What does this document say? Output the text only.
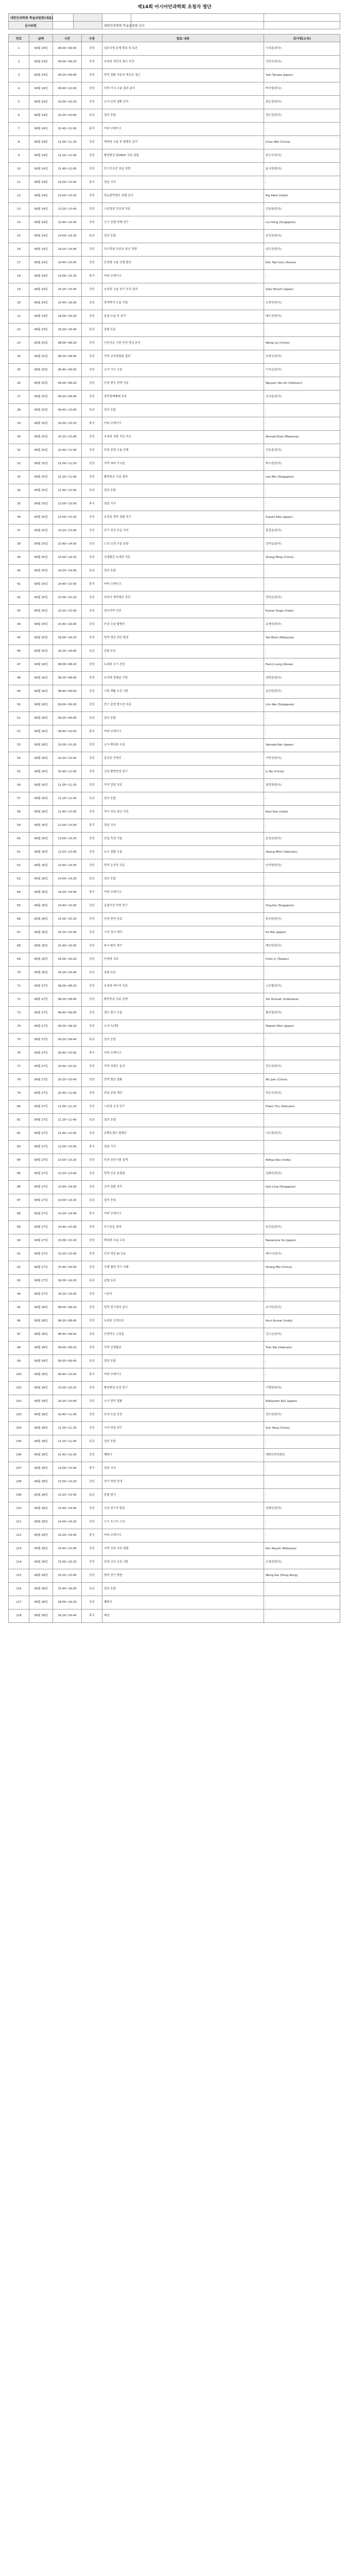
제14회 아시아안과학회 초청자 명단
대한안과학회 학술위원회(대표)					
심사위원			대한안과학회 학술위원회 심사		
번호	날짜	시간	구분	발표 내용	강사명(소속)
1	09월 24일	08:00~09:00	강의	심포지엄 주제 발표 및 토론	이상훈(한국)
2	09월 24일	09:00~09:20	강의	녹내장 진단의 최신 지견	김민수(한국)
3	09월 24일	09:20~09:40	강의	망막 질환 치료의 새로운 접근	Yuki Tanaka (Japan)
4	09월 24일	09:40~10:00	강의	각막 이식 수술 결과 분석	박지영(한국)
5	09월 24일	10:00~10:20	강의	소아 안과 질환 관리	최은정(한국)
6	09월 24일	10:20~10:40	토론	질의 응답	정우성(한국)
7	09월 24일	10:40~11:00	휴식	커피 브레이크	-
8	09월 24일	11:00~11:20	강의	백내장 수술 후 합병증 관리	Chen Wei (China)
9	09월 24일	11:20~11:40	강의	황반변성 항VEGF 치료 경험	한승우(한국)
10	09월 24일	11:40~12:00	강의	안구건조증 치료 전략	윤서연(한국)
11	09월 24일	12:00~13:00	휴식	점심 식사	-
12	09월 24일	13:00~13:20	강의	당뇨망막병증 선별 검사	Raj Patel (India)
13	09월 24일	13:20~13:40	강의	시신경염 진단과 치료	강동원(한국)
14	09월 24일	13:40~14:00	강의	근시 진행 억제 연구	Liu Hong (Singapore)
15	09월 24일	14:00~14:20	토론	질의 응답	송민호(한국)
16	09월 24일	14:20~14:40	강의	포도막염 치료의 최신 경향	임수진(한국)
17	09월 24일	14:40~15:00	강의	안성형 수술 증례 발표	Kim Tae-hoon (Korea)
18	09월 24일	15:00~15:20	휴식	커피 브레이크	-
19	09월 24일	15:20~15:40	강의	녹내장 수술 장기 추적 결과	Sato Hiroshi (Japan)
20	09월 24일	15:40~16:00	강의	망막박리 수술 기법	오현석(한국)
21	09월 24일	16:00~16:20	강의	굴절 수술 후 관리	배수지(한국)
22	09월 24일	16:20~16:40	토론	종합 토론	-
23	09월 25일	08:00~08:20	강의	인공지능 기반 안저 영상 분석	Wang Lei (China)
24	09월 25일	08:20~08:40	강의	각막 교차결합술 결과	조현우(한국)
25	09월 25일	08:40~09:00	강의	소아 사시 수술	이지은(한국)
26	09월 25일	09:00~09:20	강의	안내 렌즈 선택 기준	Nguyen Van An (Vietnam)
27	09월 25일	09:20~09:40	강의	망막정맥폐쇄 치료	김서준(한국)
28	09월 25일	09:40~10:00	토론	질의 응답	-
29	09월 25일	10:00~10:20	휴식	커피 브레이크	-
30	09월 25일	10:20~10:40	강의	녹내장 약물 치료 비교	Ahmad Rizal (Malaysia)
31	09월 25일	10:40~11:00	강의	안와 종양 수술 증례	신동훈(한국)
32	09월 25일	11:00~11:20	강의	각막 내피 이식술	박소연(한국)
33	09월 25일	11:20~11:40	강의	황반원공 수술 결과	Lee Min (Singapore)
34	09월 25일	11:40~12:00	토론	질의 응답	-
35	09월 25일	12:00~13:00	휴식	점심 식사	-
36	09월 25일	13:00~13:20	강의	유전성 망막 질환 연구	Suzuki Aiko (Japan)
37	09월 25일	13:20~13:40	강의	안구 외상 응급 처치	홍길동(한국)
38	09월 25일	13:40~14:00	강의	노안 교정 수술 동향	김하늘(한국)
39	09월 25일	14:00~14:20	강의	신생혈관 녹내장 치료	Zhang Ming (China)
40	09월 25일	14:20~14:40	토론	질의 응답	-
41	09월 25일	14:40~15:00	휴식	커피 브레이크	-
42	09월 25일	15:00~15:20	강의	미숙아 망막병증 관리	정하은(한국)
43	09월 25일	15:20~15:40	강의	원추각막 진단	Kumar Singh (India)
44	09월 25일	15:40~16:00	강의	안검 수술 합병증	유재석(한국)
45	09월 25일	16:00~16:20	강의	망막 영상 진단 발전	Tan Boon (Malaysia)
46	09월 25일	16:20~16:40	토론	종합 토론	-
47	09월 26일	08:00~08:20	강의	녹내장 조기 진단	Park Ji-sung (Korea)
48	09월 26일	08:20~08:40	강의	유리체 절제술 기법	권혁준(한국)
49	09월 26일	08:40~09:00	강의	시력 재활 프로그램	남궁민(한국)
50	09월 26일	09:00~09:20	강의	안구 종양 방사선 치료	Lim Wei (Singapore)
51	09월 26일	09:20~09:40	토론	질의 응답	-
52	09월 26일	09:40~10:00	휴식	커피 브레이크	-
53	09월 26일	10:00~10:20	강의	소아 백내장 수술	Yamada Ken (Japan)
54	09월 26일	10:20~10:40	강의	갑상선 안병증	서민지(한국)
55	09월 26일	10:40~11:00	강의	건성 황반변성 연구	Li Na (China)
56	09월 26일	11:00~11:20	강의	각막 감염 치료	장민혁(한국)
57	09월 26일	11:20~11:40	토론	질의 응답	-
58	09월 26일	11:40~12:00	강의	약시 치료 최신 지견	Ravi Das (India)
59	09월 26일	12:00~13:00	휴식	점심 식사	-
60	09월 26일	13:00~13:20	강의	안압 측정 기술	문성호(한국)
61	09월 26일	13:20~13:40	강의	누도 질환 수술	Hoang Minh (Vietnam)
62	09월 26일	13:40~14:00	강의	망막 유전자 치료	안지현(한국)
63	09월 26일	14:00~14:20	토론	질의 응답	-
64	09월 26일	14:20~14:40	휴식	커피 브레이크	-
65	09월 26일	14:40~15:00	강의	굴절이상 역학 연구	Ong Kai (Singapore)
66	09월 26일	15:00~15:20	강의	안과 원격 진료	류승완(한국)
67	09월 26일	15:20~15:40	강의	시야 검사 해석	Ito Mai (Japan)
68	09월 26일	15:40~16:00	강의	복시 환자 평가	백승민(한국)
69	09월 26일	16:00~16:20	강의	안내염 치료	Chen Li (Taiwan)
70	09월 26일	16:20~16:40	토론	종합 토론	-
71	09월 27일	08:00~08:20	강의	녹내장 레이저 치료	고은별(한국)
72	09월 27일	08:20~08:40	강의	황반부종 치료 전략	Siti Aminah (Indonesia)
73	09월 27일	08:40~09:00	강의	렌즈 탈구 수술	황보영(한국)
74	09월 27일	09:00~09:20	강의	소아 녹내장	Takeshi Mori (Japan)
75	09월 27일	09:20~09:40	토론	질의 응답	-
76	09월 27일	09:40~10:00	휴식	커피 브레이크	-
77	09월 27일	10:00~10:20	강의	각막 지형도 분석	전우치(한국)
78	09월 27일	10:20~10:40	강의	망막 혈관 질환	Wu Jian (China)
79	09월 27일	10:40~11:00	강의	안와 골절 재건	차은우(한국)
80	09월 27일	11:00~11:20	강의	시신경 손상 연구	Pham Thu (Vietnam)
81	09월 27일	11:20~11:40	토론	질의 응답	-
82	09월 27일	11:40~12:00	강의	콘택트렌즈 합병증	이도현(한국)
83	09월 27일	12:00~13:00	휴식	점심 식사	-
84	09월 27일	13:00~13:20	강의	안과 임상시험 설계	Aditya Rao (India)
85	09월 27일	13:20~13:40	강의	망막 인공 보형물	김태리(한국)
86	09월 27일	13:40~14:00	강의	공막 질환 관리	Goh Ling (Singapore)
87	09월 27일	14:00~14:20	토론	질의 응답	-
88	09월 27일	14:20~14:40	휴식	커피 브레이크	-
89	09월 27일	14:40~15:00	강의	안구운동 장애	송강호(한국)
90	09월 27일	15:00~15:20	강의	백내장 수술 교육	Nakamura Yui (Japan)
91	09월 27일	15:20~15:40	강의	안과 영상 AI 응용	배두나(한국)
92	09월 27일	15:40~16:00	강의	국제 협력 연구 사례	Huang Mei (China)
93	09월 27일	16:00~16:20	토론	종합 토론	-
94	09월 27일	16:20~16:40	강의	시상식	-
95	09월 28일	08:00~08:20	강의	망막 전기생리 검사	유아인(한국)
96	09월 28일	08:20~08:40	강의	녹내장 신경보호	Arun Kumar (India)
97	09월 28일	08:40~09:00	강의	안검하수 교정술	김고은(한국)
98	09월 28일	09:00~09:20	강의	각막 신생혈관	Tran Hai (Vietnam)
99	09월 28일	09:20~09:40	토론	질의 응답	-
100	09월 28일	09:40~10:00	휴식	커피 브레이크	-
101	09월 28일	10:00~10:20	강의	황반변성 유전 연구	이병헌(한국)
102	09월 28일	10:20~10:40	강의	소아 망막 질환	Kobayashi Ryo (Japan)
103	09월 28일	10:40~11:00	강의	안과 수술 안전	전도연(한국)
104	09월 28일	11:00~11:20	강의	시각 피질 연구	Sun Yang (China)
105	09월 28일	11:20~11:40	토론	질의 응답	-
106	09월 28일	11:40~12:00	강의	폐회사	대한안과학회장
107	09월 28일	12:00~13:00	휴식	점심 식사	-
108	09월 28일	13:00~13:20	강의	차기 학회 안내	-
109	09월 28일	13:20~13:40	토론	종합 평가	-
110	09월 28일	13:40~14:00	강의	신진 연구자 발표	정해인(한국)
111	09월 28일	14:00~14:20	강의	우수 포스터 시상	-
112	09월 28일	14:20~14:40	휴식	커피 브레이크	-
113	09월 28일	14:40~15:00	강의	지역 안과 의료 현황	Nur Aisyah (Malaysia)
114	09월 28일	15:00~15:20	강의	안과 교육 프로그램	손예진(한국)
115	09월 28일	15:20~15:40	강의	향후 연구 방향	Wong Kar (Hong Kong)
116	09월 28일	15:40~16:00	토론	질의 응답	-
117	09월 28일	16:00~16:20	강의	폐회식	-
118	09월 28일	16:20~16:40	휴식	해산	-
